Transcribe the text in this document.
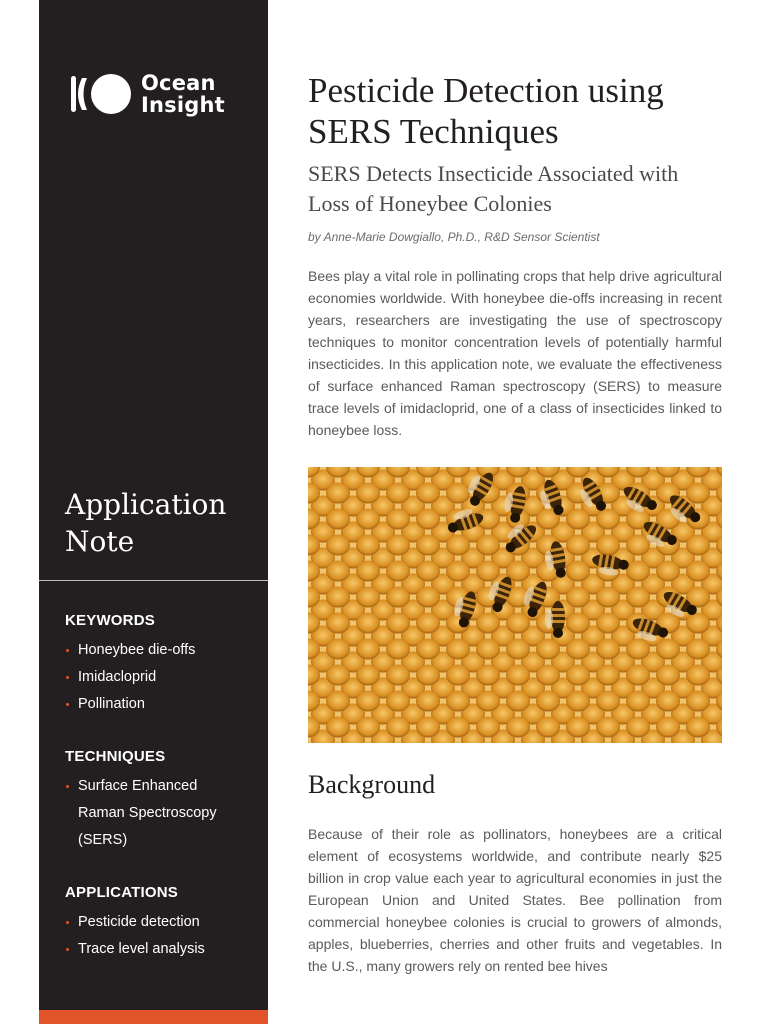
Ocean
Insight
Application
Note
KEYWORDS
Honeybee die-offs
Imidacloprid
Pollination
TECHNIQUES
Surface Enhanced
Raman Spectroscopy
(SERS)
APPLICATIONS
Pesticide detection
Trace level analysis
Pesticide Detection using SERS Techniques
SERS Detects Insecticide Associated with Loss of Honeybee Colonies
by Anne-Marie Dowgiallo, Ph.D., R&D Sensor Scientist

Bees play a vital role in pollinating crops that help drive agricultural economies worldwide. With honeybee die-offs increasing in recent years, researchers are investigating the use of spectroscopy techniques to monitor concentration levels of potentially harmful insecticides. In this application note, we evaluate the effectiveness of surface enhanced Raman spectroscopy (SERS) to measure trace levels of imidacloprid, one of a class of insecticides linked to honeybee loss.

Background

Because of their role as pollinators, honeybees are a critical element of ecosystems worldwide, and contribute nearly $25 billion in crop value each year to agricultural economies in just the European Union and United States. Bee pollination from commercial honeybee colonies is crucial to growers of almonds, apples, blueberries, cherries and other fruits and vegetables. In the U.S., many growers rely on rented bee hives
